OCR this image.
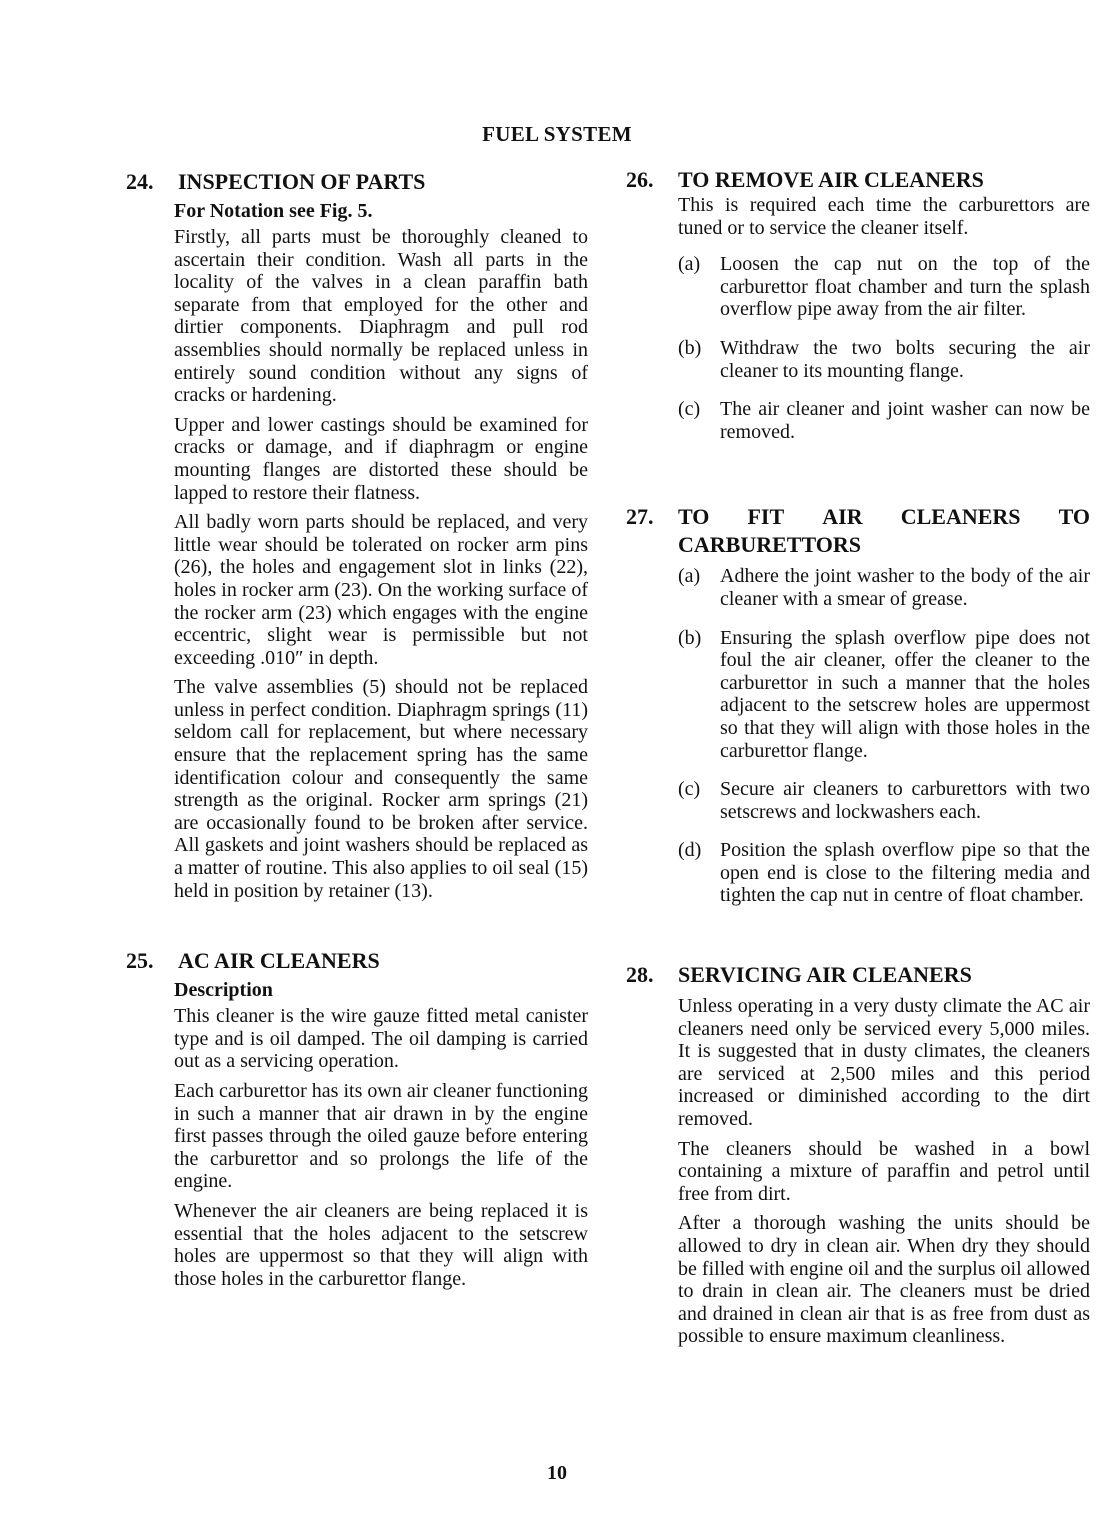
FUEL SYSTEM
24. INSPECTION OF PARTS
For Notation see Fig. 5.

Firstly, all parts must be thoroughly cleaned to ascertain their condition. Wash all parts in the locality of the valves in a clean paraffin bath separate from that employed for the other and dirtier components. Diaphragm and pull rod assemblies should normally be replaced unless in entirely sound condition without any signs of cracks or hardening.

Upper and lower castings should be examined for cracks or damage, and if diaphragm or engine mounting flanges are distorted these should be lapped to restore their flatness.

All badly worn parts should be replaced, and very little wear should be tolerated on rocker arm pins (26), the holes and engagement slot in links (22), holes in rocker arm (23). On the working surface of the rocker arm (23) which engages with the engine eccentric, slight wear is permissible but not exceeding .010″ in depth.

The valve assemblies (5) should not be replaced unless in perfect condition. Diaphragm springs (11) seldom call for replacement, but where necessary ensure that the replacement spring has the same identification colour and consequently the same strength as the original. Rocker arm springs (21) are occasionally found to be broken after service. All gaskets and joint washers should be replaced as a matter of routine. This also applies to oil seal (15) held in position by retainer (13).

25. AC AIR CLEANERS
Description

This cleaner is the wire gauze fitted metal canister type and is oil damped. The oil damping is carried out as a servicing operation.

Each carburettor has its own air cleaner functioning in such a manner that air drawn in by the engine first passes through the oiled gauze before entering the carburettor and so prolongs the life of the engine.

Whenever the air cleaners are being replaced it is essential that the holes adjacent to the setscrew holes are uppermost so that they will align with those holes in the carburettor flange.

26. TO REMOVE AIR CLEANERS

This is required each time the carburettors are tuned or to service the cleaner itself.

(a) Loosen the cap nut on the top of the carburettor float chamber and turn the splash overflow pipe away from the air filter.
(b) Withdraw the two bolts securing the air cleaner to its mounting flange.
(c) The air cleaner and joint washer can now be removed.
27. TO FIT AIR CLEANERS TO
CARBURETTORS
(a) Adhere the joint washer to the body of the air cleaner with a smear of grease.
(b) Ensuring the splash overflow pipe does not foul the air cleaner, offer the cleaner to the carburettor in such a manner that the holes adjacent to the setscrew holes are uppermost so that they will align with those holes in the carburettor flange.
(c) Secure air cleaners to carburettors with two setscrews and lockwashers each.
(d) Position the splash overflow pipe so that the open end is close to the filtering media and tighten the cap nut in centre of float chamber.
28. SERVICING AIR CLEANERS

Unless operating in a very dusty climate the AC air cleaners need only be serviced every 5,000 miles. It is suggested that in dusty climates, the cleaners are serviced at 2,500 miles and this period increased or diminished according to the dirt removed.

The cleaners should be washed in a bowl containing a mixture of paraffin and petrol until free from dirt.

After a thorough washing the units should be allowed to dry in clean air. When dry they should be filled with engine oil and the surplus oil allowed to drain in clean air. The cleaners must be dried and drained in clean air that is as free from dust as possible to ensure maximum cleanliness.

10
